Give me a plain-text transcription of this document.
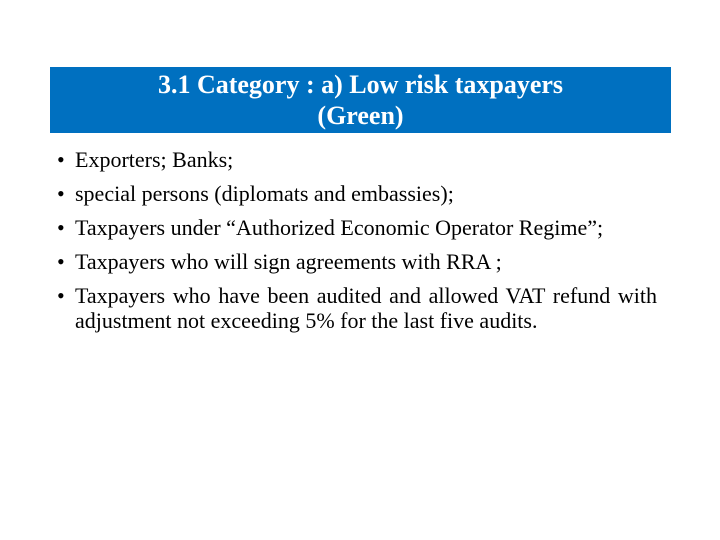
3.1 Category : a) Low risk taxpayers
(Green)
• Exporters; Banks;
• special persons (diplomats and embassies);
• Taxpayers under “Authorized Economic Operator Regime”;
• Taxpayers who will sign agreements with RRA ;
• Taxpayers who have been audited and allowed VAT refund with adjustment not exceeding 5% for the last five audits.
